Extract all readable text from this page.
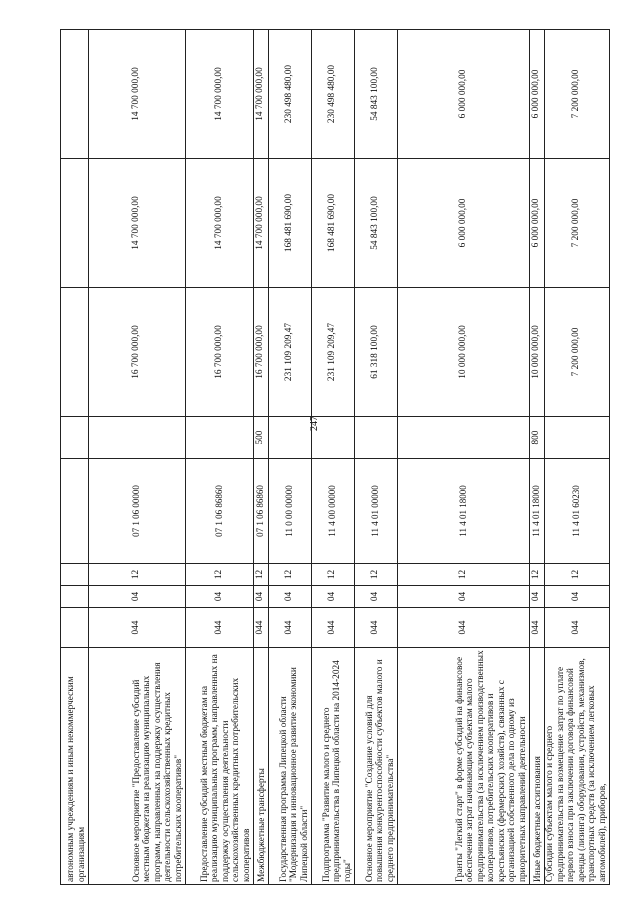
247
автономным учреждениям и иным некоммерческим организациям								
Основное мероприятие "Предоставление субсидий местным бюджетам на реализацию муниципальных программ, направленных на поддержку осуществления деятельности сельскохозяйственных кредитных потребительских кооперативов"	044	04	12	07 1 06 00000		16 700 000,00	14 700 000,00	14 700 000,00
Предоставление субсидий местным бюджетам на реализацию муниципальных программ, направленных на поддержку осуществления деятельности сельскохозяйственных кредитных потребительских кооперативов	044	04	12	07 1 06 86860		16 700 000,00	14 700 000,00	14 700 000,00
Межбюджетные трансферты	044	04	12	07 1 06 86860	500	16 700 000,00	14 700 000,00	14 700 000,00
Государственная программа Липецкой области "Модернизация и инновационное развитие экономики Липецкой области"	044	04	12	11 0 00 00000		231 109 209,47	168 481 690,00	230 498 480,00
Подпрограмма "Развитие малого и среднего предпринимательства в Липецкой области на 2014-2024 годы"	044	04	12	11 4 00 00000		231 109 209,47	168 481 690,00	230 498 480,00
Основное мероприятие "Создание условий для повышения конкурентоспособности субъектов малого и среднего предпринимательства"	044	04	12	11 4 01 00000		61 318 100,00	54 843 100,00	54 843 100,00
Гранты "Легкий старт" в форме субсидий на финансовое обеспечение затрат начинающим субъектам малого предпринимательства (за исключением производственных кооперативов, потребительских кооперативов и крестьянских (фермерских) хозяйств), связанных с организацией собственного дела по одному из приоритетных направлений деятельности	044	04	12	11 4 01 18000		10 000 000,00	6 000 000,00	6 000 000,00
Иные бюджетные ассигнования	044	04	12	11 4 01 18000	800	10 000 000,00	6 000 000,00	6 000 000,00
Субсидии субъектам малого и среднего предпринимательства на возмещение затрат по уплате первого взноса при заключении договора финансовой аренды (лизинга) оборудования, устройств, механизмов, транспортных средств (за исключением легковых автомобилей), приборов,	044	04	12	11 4 01 60230		7 200 000,00	7 200 000,00	7 200 000,00
